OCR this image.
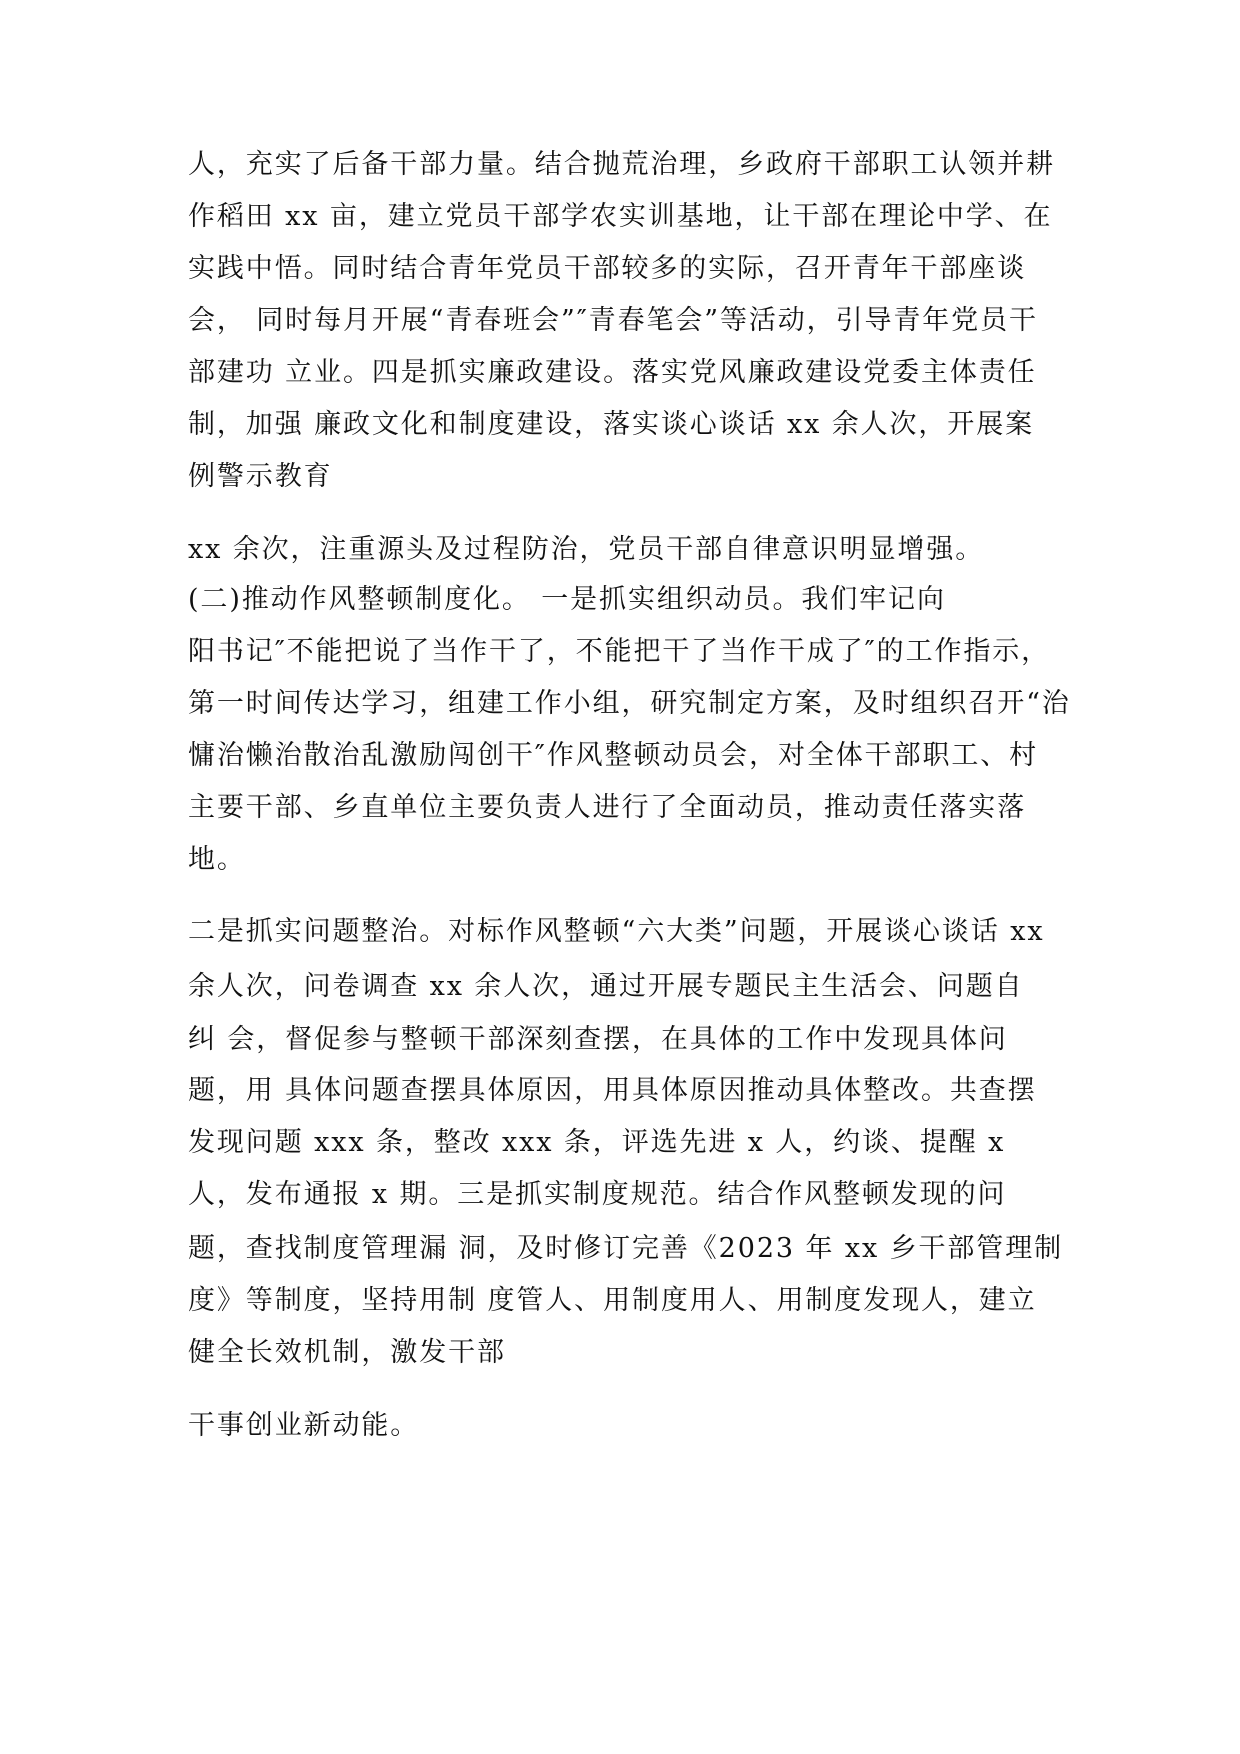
人，充实了后备干部力量。结合抛荒治理，乡政府干部职工认领并耕

作稻田 xx 亩，建立党员干部学农实训基地，让干部在理论中学、在

实践中悟。同时结合青年党员干部较多的实际，召开青年干部座谈

会， 同时每月开展“青春班会”″青春笔会”等活动，引导青年党员干

部建功 立业。四是抓实廉政建设。落实党风廉政建设党委主体责任

制，加强 廉政文化和制度建设，落实谈心谈话 xx 余人次，开展案

例警示教育

xx 余次，注重源头及过程防治，党员干部自律意识明显增强。

(二)推动作风整顿制度化。 一是抓实组织动员。我们牢记向

阳书记″不能把说了当作干了，不能把干了当作干成了″的工作指示，

第一时间传达学习，组建工作小组，研究制定方案，及时组织召开“治

慵治懒治散治乱激励闯创干″作风整顿动员会，对全体干部职工、村

主要干部、乡直单位主要负责人进行了全面动员，推动责任落实落

地。

二是抓实问题整治。对标作风整顿“六大类”问题，开展谈心谈话 xx

余人次，问卷调查 xx 余人次，通过开展专题民主生活会、问题自

纠 会，督促参与整顿干部深刻查摆，在具体的工作中发现具体问

题，用 具体问题查摆具体原因，用具体原因推动具体整改。共查摆

发现问题 xxx 条，整改 xxx 条，评选先进 x 人，约谈、提醒 x

人，发布通报 x 期。三是抓实制度规范。结合作风整顿发现的问

题，查找制度管理漏 洞，及时修订完善《2023 年 xx 乡干部管理制

度》等制度，坚持用制 度管人、用制度用人、用制度发现人，建立

健全长效机制，激发干部

干事创业新动能。
